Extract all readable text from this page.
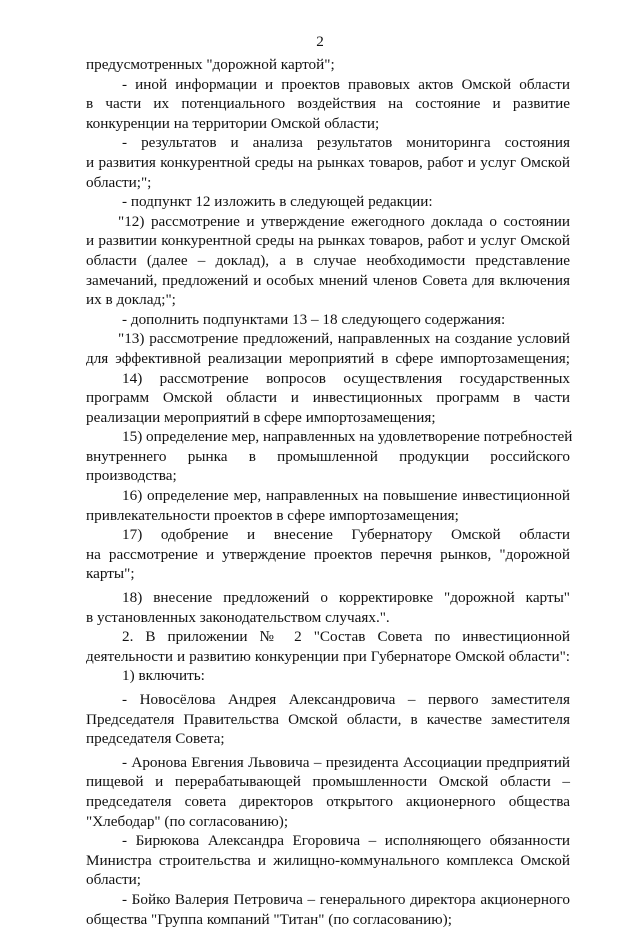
2
предусмотренных "дорожной картой";
- иной информации и проектов правовых актов Омской области
в части их потенциального воздействия на состояние и развитие
конкуренции на территории Омской области;
- результатов и анализа результатов мониторинга состояния
и развития конкурентной среды на рынках товаров, работ и услуг Омской
области;";
- подпункт 12 изложить в следующей редакции:
"12) рассмотрение и утверждение ежегодного доклада о состоянии
и развитии конкурентной среды на рынках товаров, работ и услуг Омской
области (далее – доклад), а в случае необходимости представление
замечаний, предложений и особых мнений членов Совета для включения
их в доклад;";
- дополнить подпунктами 13 – 18 следующего содержания:
"13) рассмотрение предложений, направленных на создание условий
для эффективной реализации мероприятий в сфере импортозамещения;
14) рассмотрение вопросов осуществления государственных
программ Омской области и инвестиционных программ в части
реализации мероприятий в сфере импортозамещения;
15) определение мер, направленных на удовлетворение потребностей
внутреннего рынка в промышленной продукции российского
производства;
16) определение мер, направленных на повышение инвестиционной
привлекательности проектов в сфере импортозамещения;
17) одобрение и внесение Губернатору Омской области
на рассмотрение и утверждение проектов перечня рынков, "дорожной
карты";
18) внесение предложений о корректировке "дорожной карты"
в установленных законодательством случаях.".
2. В приложении № 2 "Состав Совета по инвестиционной
деятельности и развитию конкуренции при Губернаторе Омской области":
1) включить:
- Новосёлова Андрея Александровича – первого заместителя
Председателя Правительства Омской области, в качестве заместителя
председателя Совета;
- Аронова Евгения Львовича – президента Ассоциации предприятий
пищевой и перерабатывающей промышленности Омской области –
председателя совета директоров открытого акционерного общества
"Хлебодар" (по согласованию);
- Бирюкова Александра Егоровича – исполняющего обязанности
Министра строительства и жилищно-коммунального комплекса Омской
области;
- Бойко Валерия Петровича – генерального директора акционерного
общества "Группа компаний "Титан" (по согласованию);
